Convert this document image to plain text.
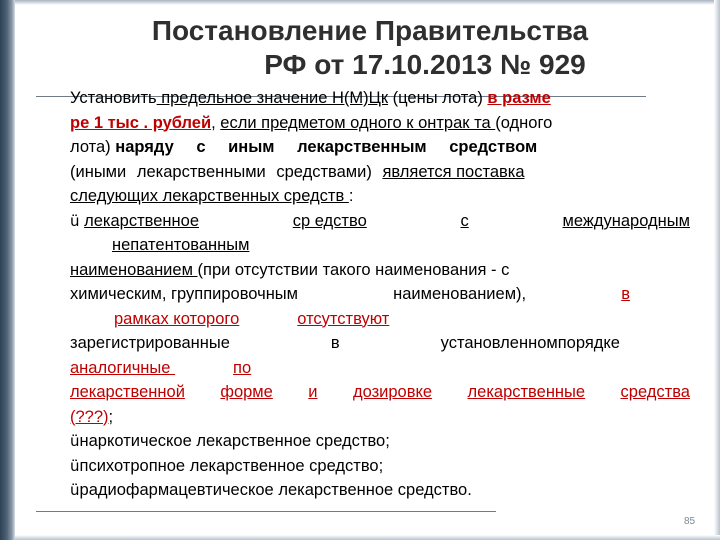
Постановление Правительства
РФ от 17.10.2013 № 929
Установить предельное значение Н(М)Цк (цены лота) в разме
ре 1 тыс . рублей, если предметом одного к онтрак та (одного
лота) наряду с иным лекарственным средством
(иными лекарственными средствами) является поставка
следующих лекарственных средств :
ü лекарственное	ср едство	с	международным
непатентованным
наименованием (при отсутствии такого наименования - с
химическим, группировочным	наименованием),	в
рамках которого	отсутствуют
зарегистрированные	в	установленномпорядке
аналогичные	по
лекарственной форме и дозировке лекарственные средства
(???);
üнаркотическое лекарственное средство;
üпсихотропное лекарственное средство;
üрадиофармацевтическое лекарственное средство.
85
